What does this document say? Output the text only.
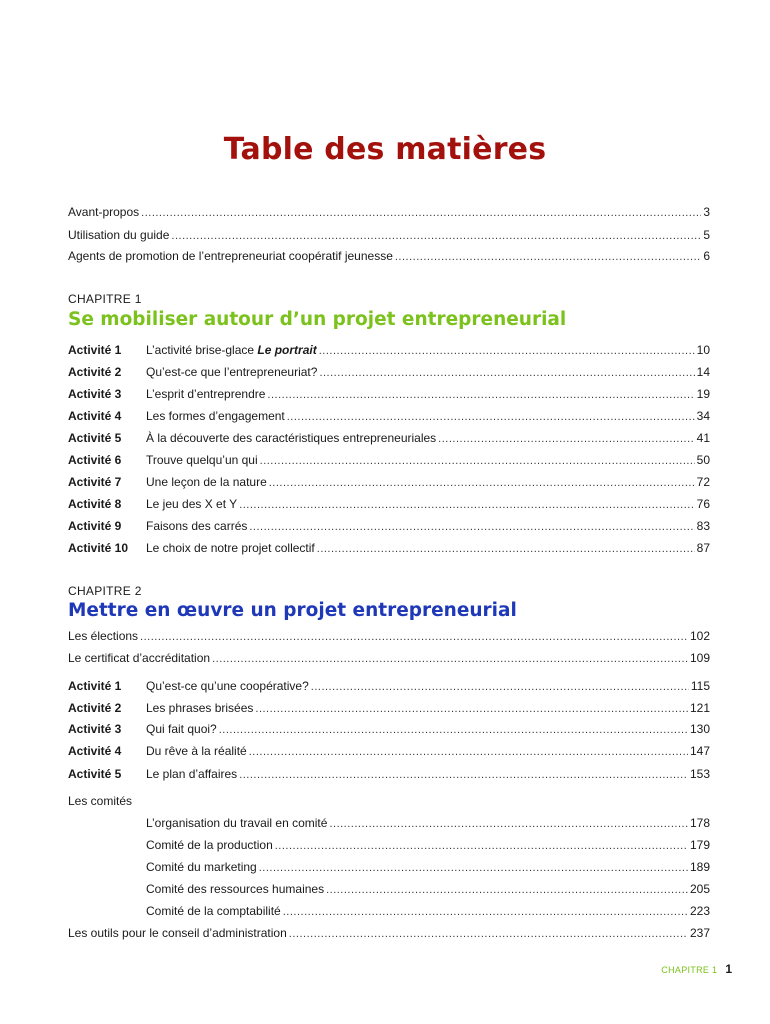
Table des matières
Avant-propos .....	3
Utilisation du guide .....	5
Agents de promotion de l’entrepreneuriat coopératif jeunesse .....	6
CHAPITRE 1
Se mobiliser autour d’un projet entrepreneurial
Activité 1	L’activité brise-glace Le portrait .....	10
Activité 2	Qu’est-ce que l’entrepreneuriat? .....	14
Activité 3	L’esprit d’entreprendre .....	19
Activité 4	Les formes d’engagement .....	34
Activité 5	À la découverte des caractéristiques entrepreneuriales .....	41
Activité 6	Trouve quelqu’un qui .....	50
Activité 7	Une leçon de la nature .....	72
Activité 8	Le jeu des X et Y .....	76
Activité 9	Faisons des carrés .....	83
Activité 10	Le choix de notre projet collectif .....	87
CHAPITRE 2
Mettre en œuvre un projet entrepreneurial
Les élections .....	102
Le certificat d’accréditation .....	109
Activité 1	Qu’est-ce qu’une coopérative? .....	115
Activité 2	Les phrases brisées .....	121
Activité 3	Qui fait quoi? .....	130
Activité 4	Du rêve à la réalité .....	147
Activité 5	Le plan d’affaires .....	153
Les comités
L’organisation du travail en comité .....	178
Comité de la production .....	179
Comité du marketing .....	189
Comité des ressources humaines .....	205
Comité de la comptabilité .....	223
Les outils pour le conseil d’administration .....	237
CHAPITRE 1 1
